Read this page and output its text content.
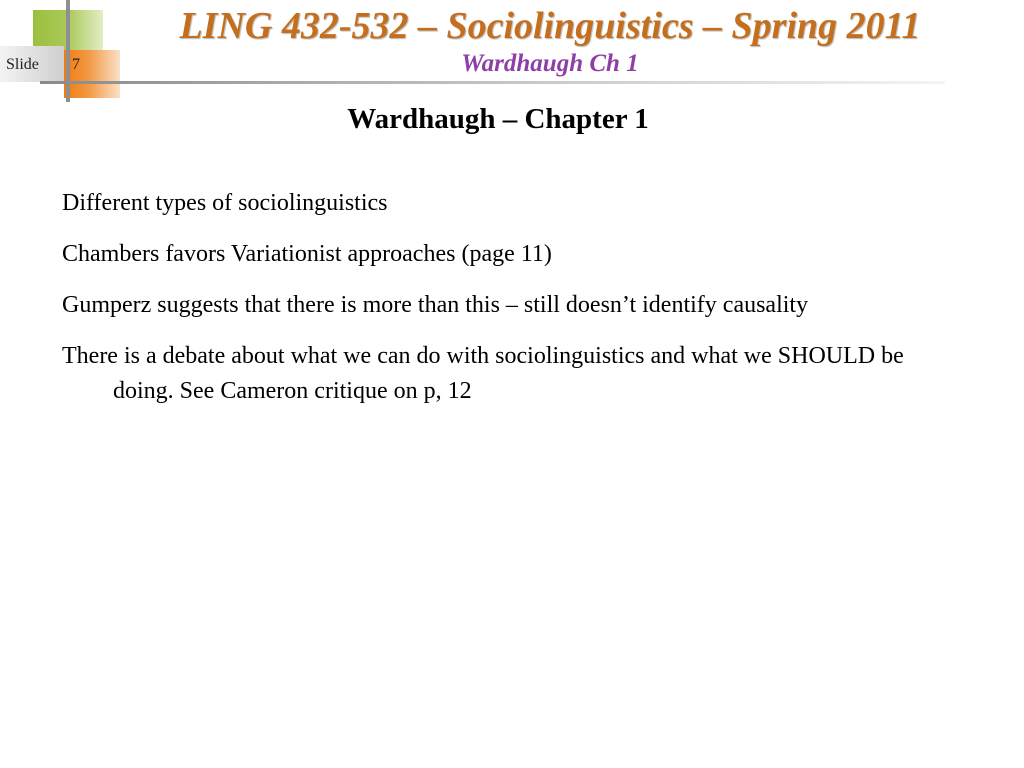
Slide 7
LING 432-532 – Sociolinguistics – Spring 2011
Wardhaugh Ch 1
Wardhaugh – Chapter 1
Different types of sociolinguistics
Chambers favors Variationist approaches (page 11)
Gumperz suggests that there is more than this – still doesn’t identify causality
There is a debate about what we can do with sociolinguistics and what we SHOULD be doing. See Cameron critique on p, 12
